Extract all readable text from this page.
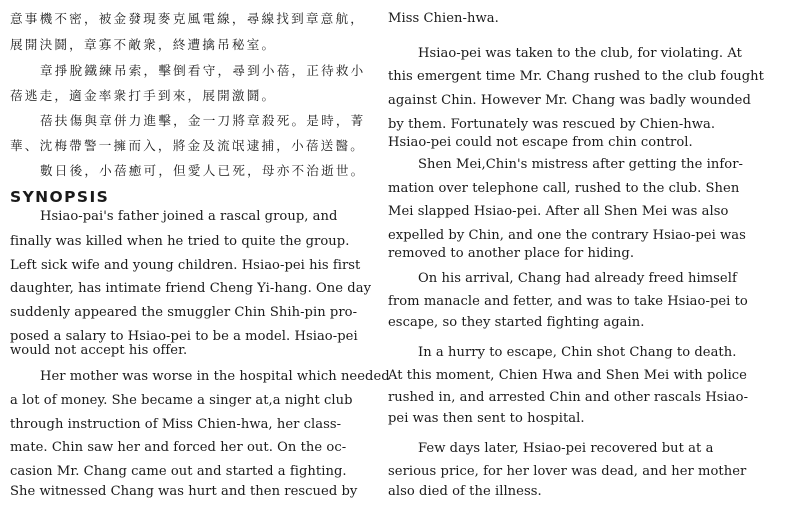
意事機不密，被金發現麥克風電線，尋線找到章意航，
展開決鬪，章寡不敵衆，終遭擒吊秘室。
章掙脫鐵練吊索，擊倒看守，尋到小蓓，正待救小
蓓逃走，適金率衆打手到來，展開激鬪。
蓓扶傷與章併力進擊，金一刀將章殺死。是時，菁
華、沈梅帶警一擁而入，將金及流氓逮捕，小蓓送醫。
數日後，小蓓癒可，但愛人已死，母亦不治逝世。
SYNOPSIS
Hsiao-pai's father joined a rascal group, and
finally was killed when he tried to quite the group.
Left sick wife and young children. Hsiao-pei his first
daughter, has intimate friend Cheng Yi-hang. One day
suddenly appeared the smuggler Chin Shih-pin pro-
posed a salary to Hsiao-pei to be a model. Hsiao-pei
would not accept his offer.
Her mother was worse in the hospital which needed
a lot of money. She became a singer at,a night club
through instruction of Miss Chien-hwa, her class-
mate. Chin saw her and forced her out. On the oc-
casion Mr. Chang came out and started a fighting.
She witnessed Chang was hurt and then rescued by
Miss Chien-hwa.
Hsiao-pei was taken to the club, for violating. At
this emergent time Mr. Chang rushed to the club fought
against Chin. However Mr. Chang was badly wounded
by them. Fortunately was rescued by Chien-hwa.
Hsiao-pei could not escape from chin control.
Shen Mei,Chin's mistress after getting the infor-
mation over telephone call, rushed to the club. Shen
Mei slapped Hsiao-pei. After all Shen Mei was also
expelled by Chin, and one the contrary Hsiao-pei was
removed to another place for hiding.
On his arrival, Chang had already freed himself
from manacle and fetter, and was to take Hsiao-pei to
escape, so they started fighting again.
In a hurry to escape, Chin shot Chang to death.
At this moment, Chien Hwa and Shen Mei with police
rushed in, and arrested Chin and other rascals Hsiao-
pei was then sent to hospital.
Few days later, Hsiao-pei recovered but at a
serious price, for her lover was dead, and her mother
also died of the illness.
